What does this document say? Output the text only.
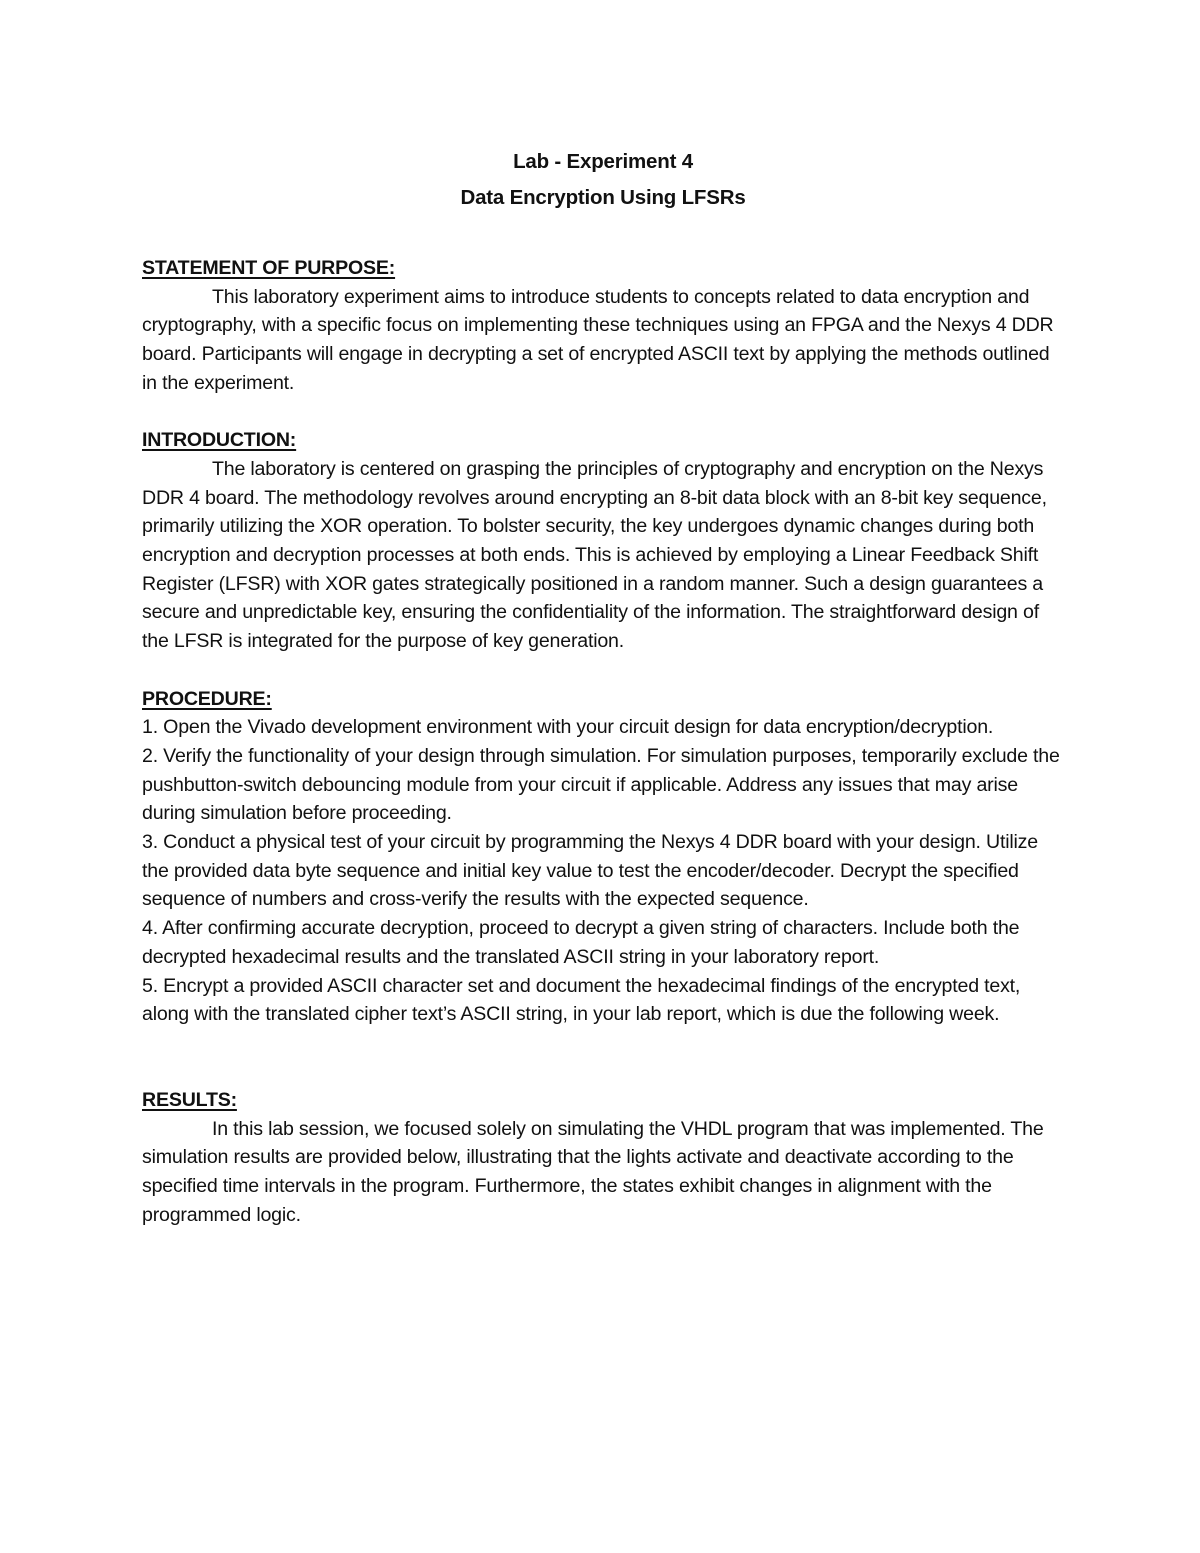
Lab - Experiment 4
Data Encryption Using LFSRs

STATEMENT OF PURPOSE:

This laboratory experiment aims to introduce students to concepts related to data encryption and cryptography, with a specific focus on implementing these techniques using an FPGA and the Nexys 4 DDR board. Participants will engage in decrypting a set of encrypted ASCII text by applying the methods outlined in the experiment.

INTRODUCTION:

The laboratory is centered on grasping the principles of cryptography and encryption on the Nexys DDR 4 board. The methodology revolves around encrypting an 8-bit data block with an 8-bit key sequence, primarily utilizing the XOR operation. To bolster security, the key undergoes dynamic changes during both encryption and decryption processes at both ends. This is achieved by employing a Linear Feedback Shift Register (LFSR) with XOR gates strategically positioned in a random manner. Such a design guarantees a secure and unpredictable key, ensuring the confidentiality of the information. The straightforward design of the LFSR is integrated for the purpose of key generation.

PROCEDURE:

1. Open the Vivado development environment with your circuit design for data encryption/decryption.

2. Verify the functionality of your design through simulation. For simulation purposes, temporarily exclude the pushbutton-switch debouncing module from your circuit if applicable. Address any issues that may arise during simulation before proceeding.

3. Conduct a physical test of your circuit by programming the Nexys 4 DDR board with your design. Utilize the provided data byte sequence and initial key value to test the encoder/decoder. Decrypt the specified sequence of numbers and cross-verify the results with the expected sequence.

4. After confirming accurate decryption, proceed to decrypt a given string of characters. Include both the decrypted hexadecimal results and the translated ASCII string in your laboratory report.

5. Encrypt a provided ASCII character set and document the hexadecimal findings of the encrypted text, along with the translated cipher text’s ASCII string, in your lab report, which is due the following week.

RESULTS:

In this lab session, we focused solely on simulating the VHDL program that was implemented. The simulation results are provided below, illustrating that the lights activate and deactivate according to the specified time intervals in the program. Furthermore, the states exhibit changes in alignment with the programmed logic.
